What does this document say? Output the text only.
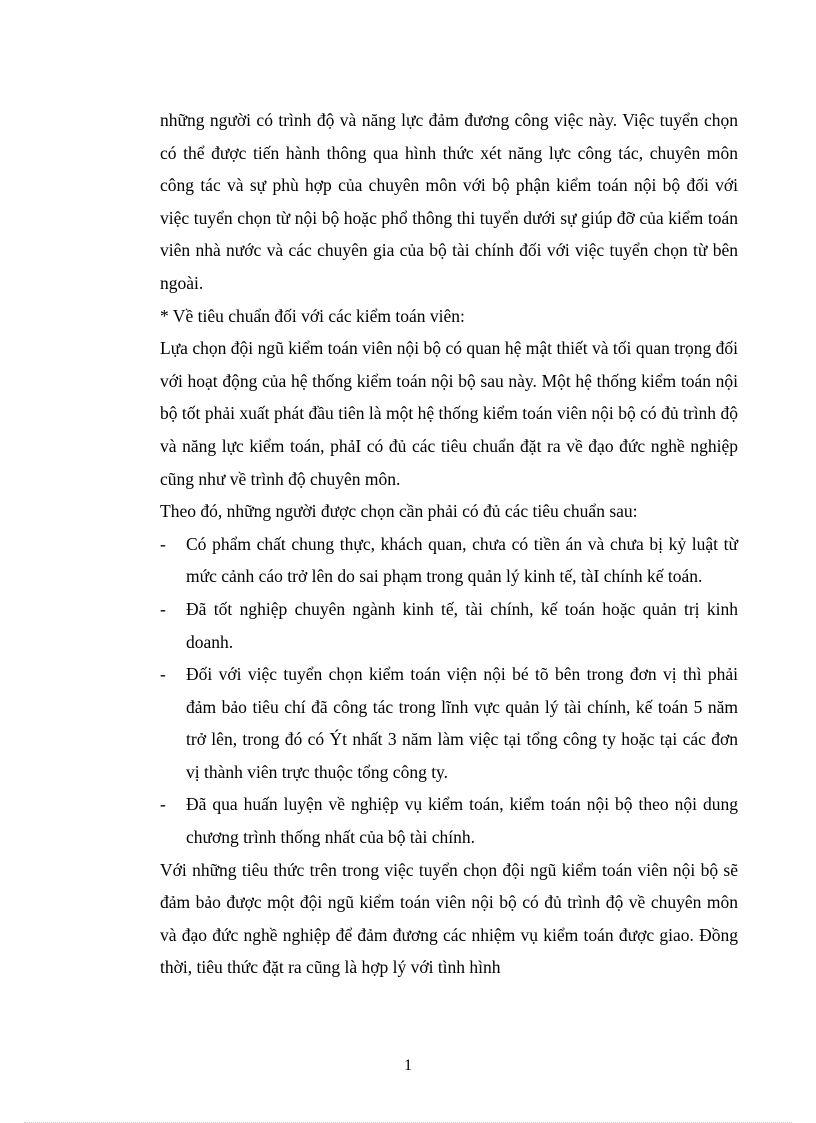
những người có trình độ và năng lực đảm đương công việc này. Việc tuyển chọn có thể được tiến hành thông qua hình thức xét năng lực công tác, chuyên môn công tác và sự phù hợp của chuyên môn với bộ phận kiểm toán nội bộ đối với việc tuyển chọn từ nội bộ hoặc phổ thông thi tuyển dưới sự giúp đỡ của kiểm toán viên nhà nước và các chuyên gia của bộ tài chính đối với việc tuyển chọn từ bên ngoài.

* Về tiêu chuẩn đối với các kiểm toán viên:

Lựa chọn đội ngũ kiểm toán viên nội bộ có quan hệ mật thiết và tối quan trọng đối với hoạt động của hệ thống kiểm toán nội bộ sau này. Một hệ thống kiểm toán nội bộ tốt phải xuất phát đầu tiên là một hệ thống kiểm toán viên nội bộ có đủ trình độ và năng lực kiểm toán, phảI có đủ các tiêu chuẩn đặt ra về đạo đức nghề nghiệp cũng như về trình độ chuyên môn.

Theo đó, những người được chọn cần phải có đủ các tiêu chuẩn sau:

- Có phẩm chất chung thực, khách quan, chưa có tiền án và chưa bị kỷ luật từ mức cảnh cáo trở lên do sai phạm trong quản lý kinh tế, tàI chính kế toán.
- Đã tốt nghiệp chuyên ngành kinh tế, tài chính, kế toán hoặc quản trị kinh doanh.
- Đối với việc tuyển chọn kiểm toán viện nội bé tõ bên trong đơn vị thì phải đảm bảo tiêu chí đã công tác trong lĩnh vực quản lý tài chính, kế toán 5 năm trở lên, trong đó có Ýt nhất 3 năm làm việc tại tổng công ty hoặc tại các đơn vị thành viên trực thuộc tổng công ty.
- Đã qua huấn luyện về nghiệp vụ kiểm toán, kiểm toán nội bộ theo nội dung chương trình thống nhất của bộ tài chính.

Với những tiêu thức trên trong việc tuyển chọn đội ngũ kiểm toán viên nội bộ sẽ đảm bảo được một đội ngũ kiểm toán viên nội bộ có đủ trình độ về chuyên môn và đạo đức nghề nghiệp để đảm đương các nhiệm vụ kiểm toán được giao. Đồng thời, tiêu thức đặt ra cũng là hợp lý với tình hình

1
